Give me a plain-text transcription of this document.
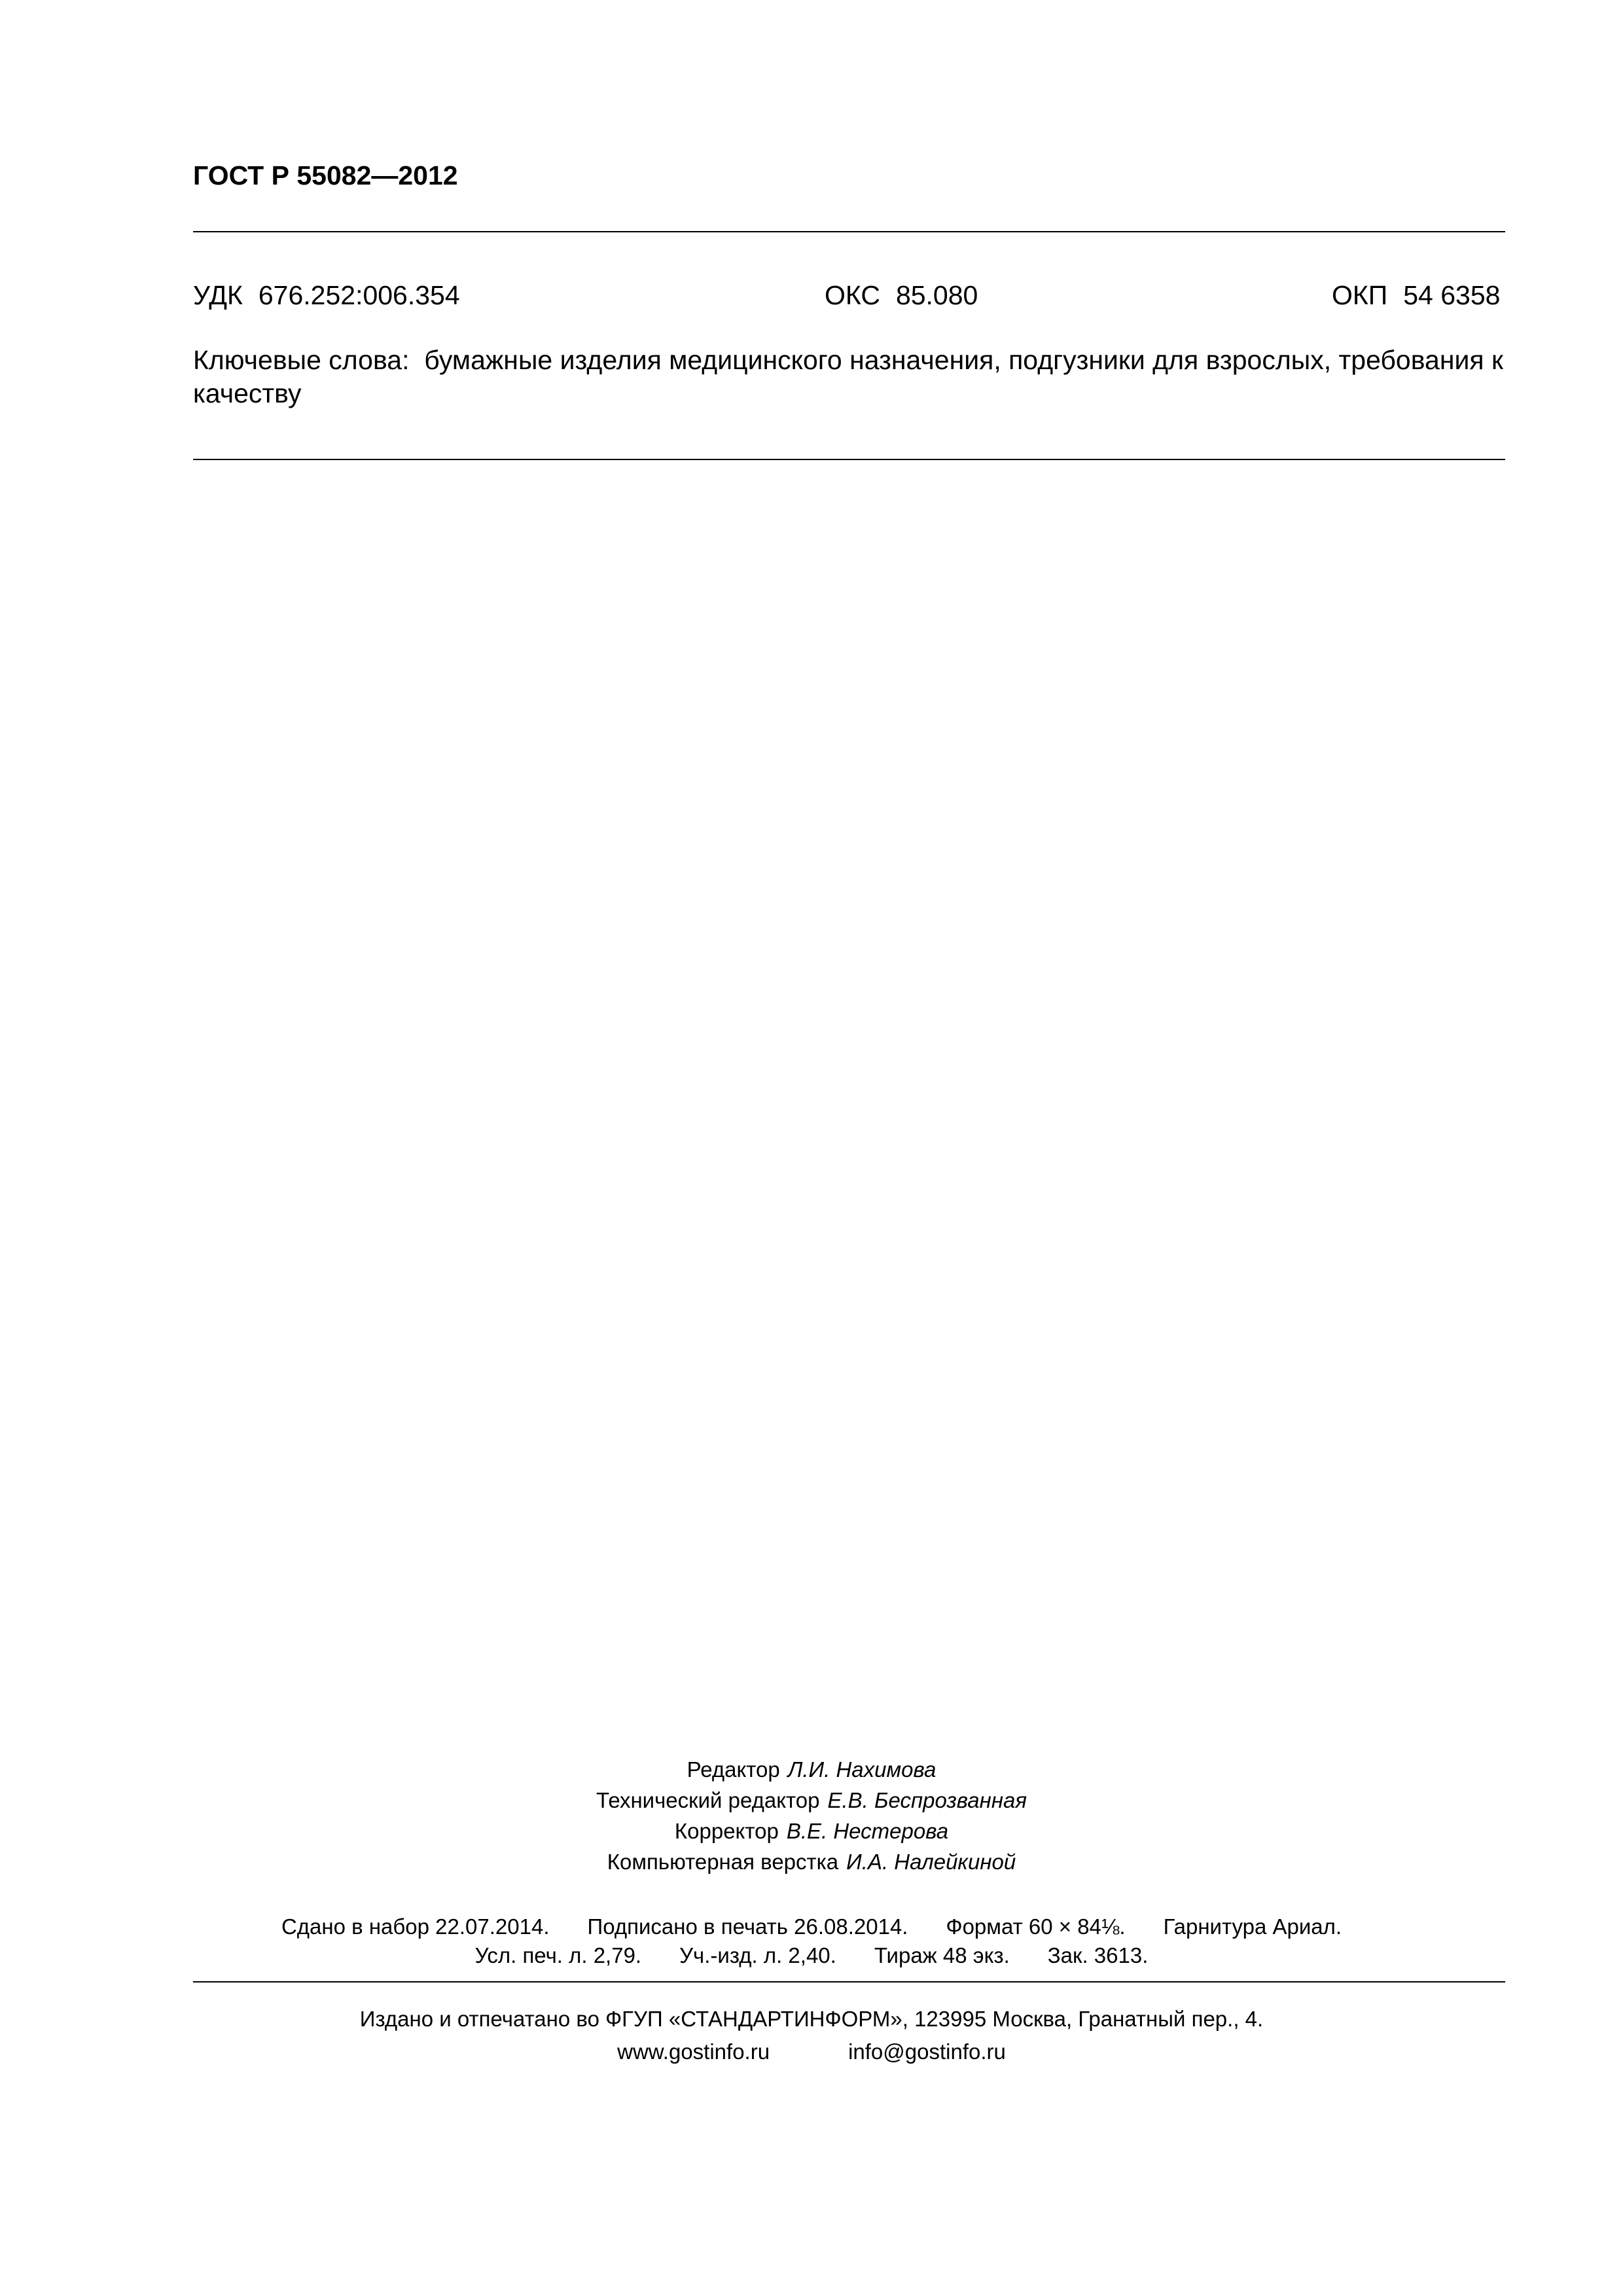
ГОСТ Р 55082—2012
УДК 676.252:006.354	ОКС 85.080	ОКП 54 6358
Ключевые слова: бумажные изделия медицинского назначения, подгузники для взрослых, требования к качеству
Редактор Л.И. Нахимова
Технический редактор Е.В. Беспрозванная
Корректор В.Е. Нестерова
Компьютерная верстка И.А. Налейкиной
Сдано в набор 22.07.2014. Подписано в печать 26.08.2014. Формат 60 × 84⅛. Гарнитура Ариал.
Усл. печ. л. 2,79. Уч.-изд. л. 2,40. Тираж 48 экз. Зак. 3613.
Издано и отпечатано во ФГУП «СТАНДАРТИНФОРМ», 123995 Москва, Гранатный пер., 4.
www.gostinfo.ru	info@gostinfo.ru
